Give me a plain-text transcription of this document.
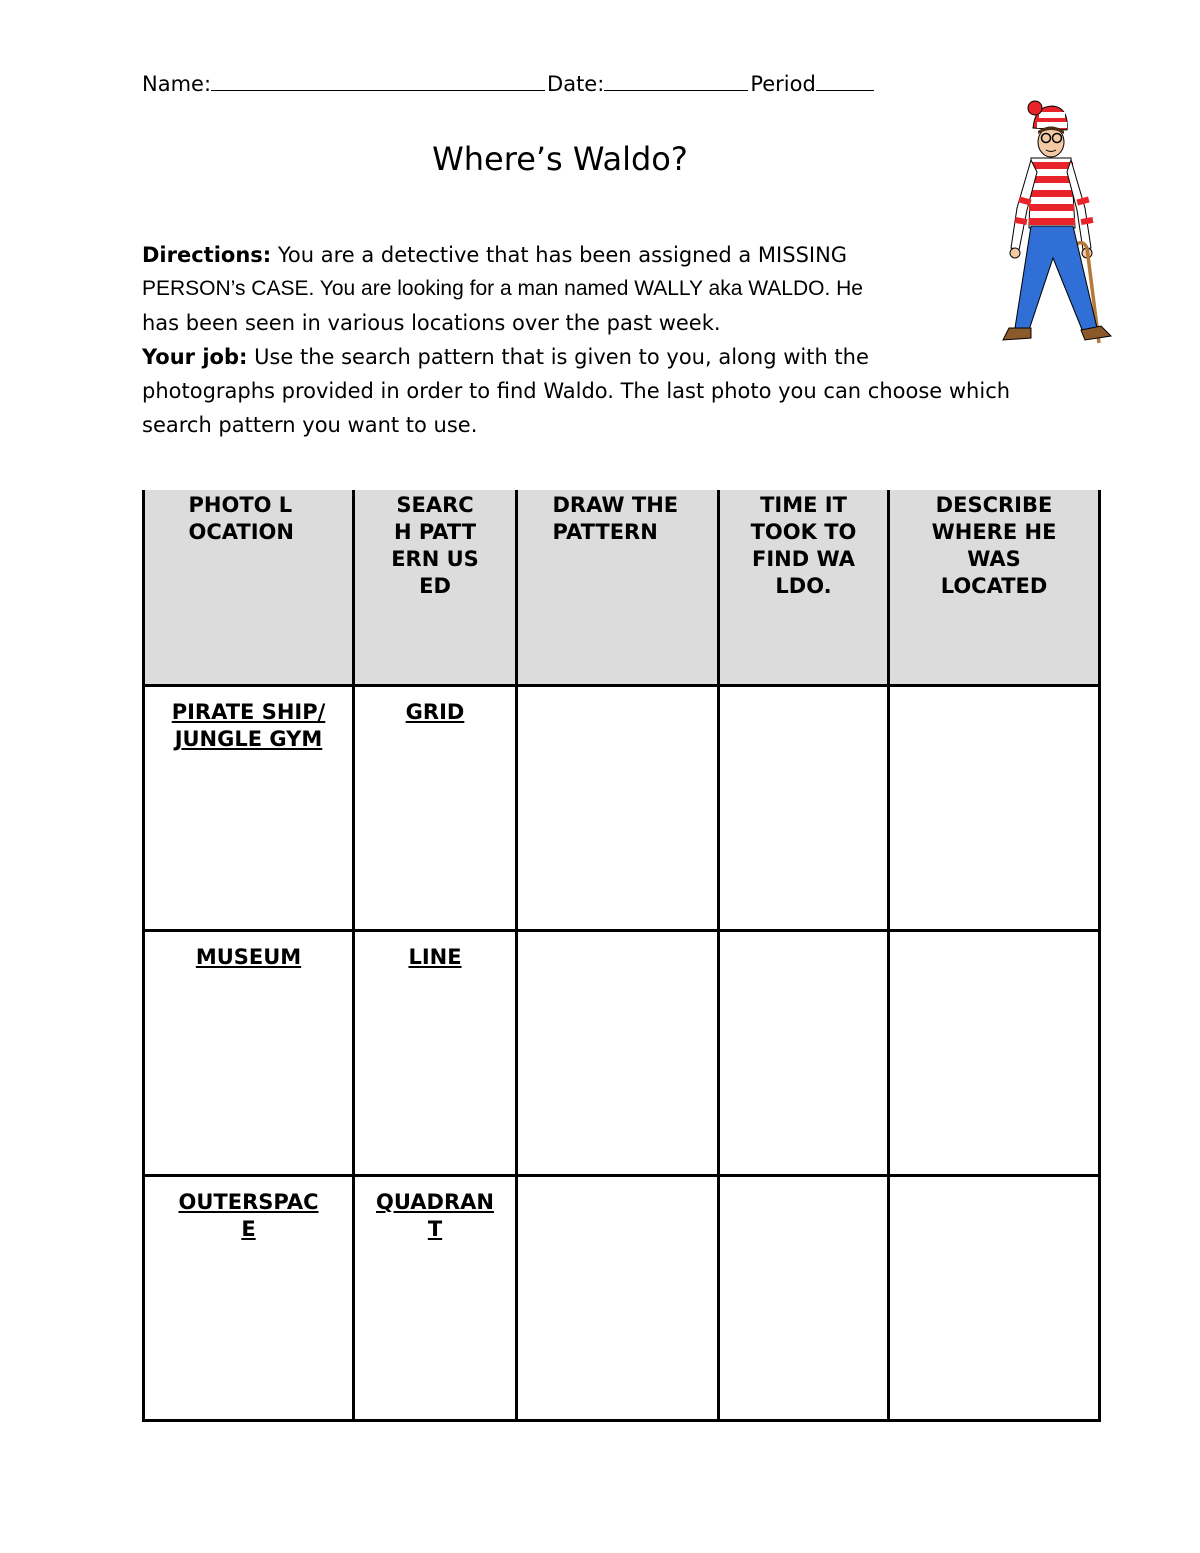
Name:	Date:	Period
Where’s Waldo?

Directions: You are a detective that has been assigned a MISSING

PERSON’s CASE. You are looking for a man named WALLY aka WALDO. He

has been seen in various locations over the past week.

Your job: Use the search pattern that is given to you, along with the

photographs provided in order to find Waldo. The last photo you can choose which

search pattern you want to use.

PHOTO LOCATION	SEARCH PATTERN USED	DRAW THE PATTERN	TIME IT TOOK TO FIND WALDO.	DESCRIBE WHERE HE WAS LOCATED

PIRATE SHIP/JUNGLE GYM	GRID			

MUSEUM	LINE			

OUTERSPACE	QUADRANT			
